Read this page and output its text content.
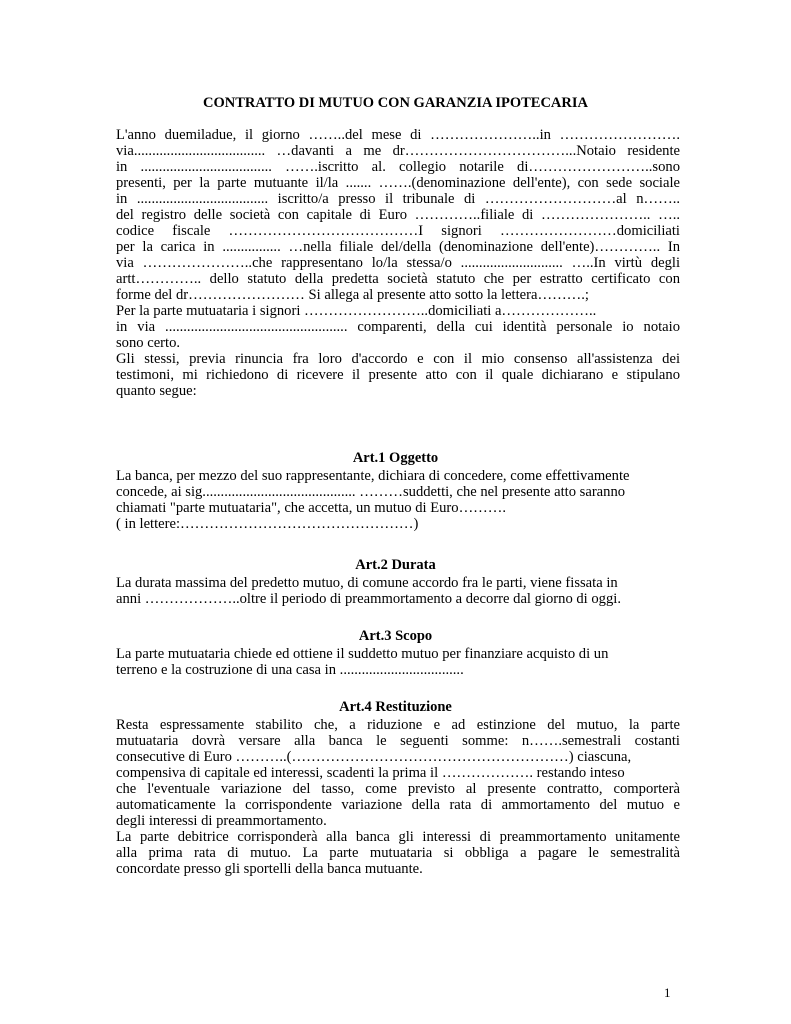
CONTRATTO DI MUTUO CON GARANZIA IPOTECARIA
L'anno duemiladue, il giorno ……..del mese di …………………..in …………………….
via.................................... …davanti a me dr……………………………...Notaio residente
in .................................... …….iscritto al. collegio notarile di……………………..sono
presenti, per la parte mutuante il/la ....... …….(denominazione dell'ente), con sede sociale
in .................................... iscritto/a presso il tribunale di ………………………al n……..
del registro delle società con capitale di Euro …………..filiale di ………………….. …..
codice fiscale …………………………………I signori ……………………domiciliati
per la carica in ................ …nella filiale del/della (denominazione dell'ente)………….. In
via …………………..che rappresentano lo/la stessa/o ............................ …..In virtù degli
artt………….. dello statuto della predetta società statuto che per estratto certificato con
forme del dr…………………… Si allega al presente atto sotto la lettera……….;
Per la parte mutuataria i signori ……………………..domiciliati a………………..
in via .................................................. comparenti, della cui identità personale io notaio
sono certo.
Gli stessi, previa rinuncia fra loro d'accordo e con il mio consenso all'assistenza dei
testimoni, mi richiedono di ricevere il presente atto con il quale dichiarano e stipulano
quanto segue:
Art.1 Oggetto
La banca, per mezzo del suo rappresentante, dichiara di concedere, come effettivamente
concede, ai sig.......................................... ………suddetti, che nel presente atto saranno
chiamati "parte mutuataria", che accetta, un mutuo di Euro……….
( in lettere:…………………………………………)
Art.2 Durata
La durata massima del predetto mutuo, di comune accordo fra le parti, viene fissata in
anni ………………..oltre il periodo di preammortamento a decorre dal giorno di oggi.
Art.3 Scopo
La parte mutuataria chiede ed ottiene il suddetto mutuo per finanziare acquisto di un
terreno e la costruzione di una casa in ..................................
Art.4 Restituzione
Resta espressamente stabilito che, a riduzione e ad estinzione del mutuo, la parte
mutuataria dovrà versare alla banca le seguenti somme: n…….semestrali costanti
consecutive di Euro ………..(…………………………………………………) ciascuna,
compensiva di capitale ed interessi, scadenti la prima il ………………. restando inteso
che l'eventuale variazione del tasso, come previsto al presente contratto, comporterà
automaticamente la corrispondente variazione della rata di ammortamento del mutuo e
degli interessi di preammortamento.
La parte debitrice corrisponderà alla banca gli interessi di preammortamento unitamente
alla prima rata di mutuo. La parte mutuataria si obbliga a pagare le semestralità
concordate presso gli sportelli della banca mutuante.
1
